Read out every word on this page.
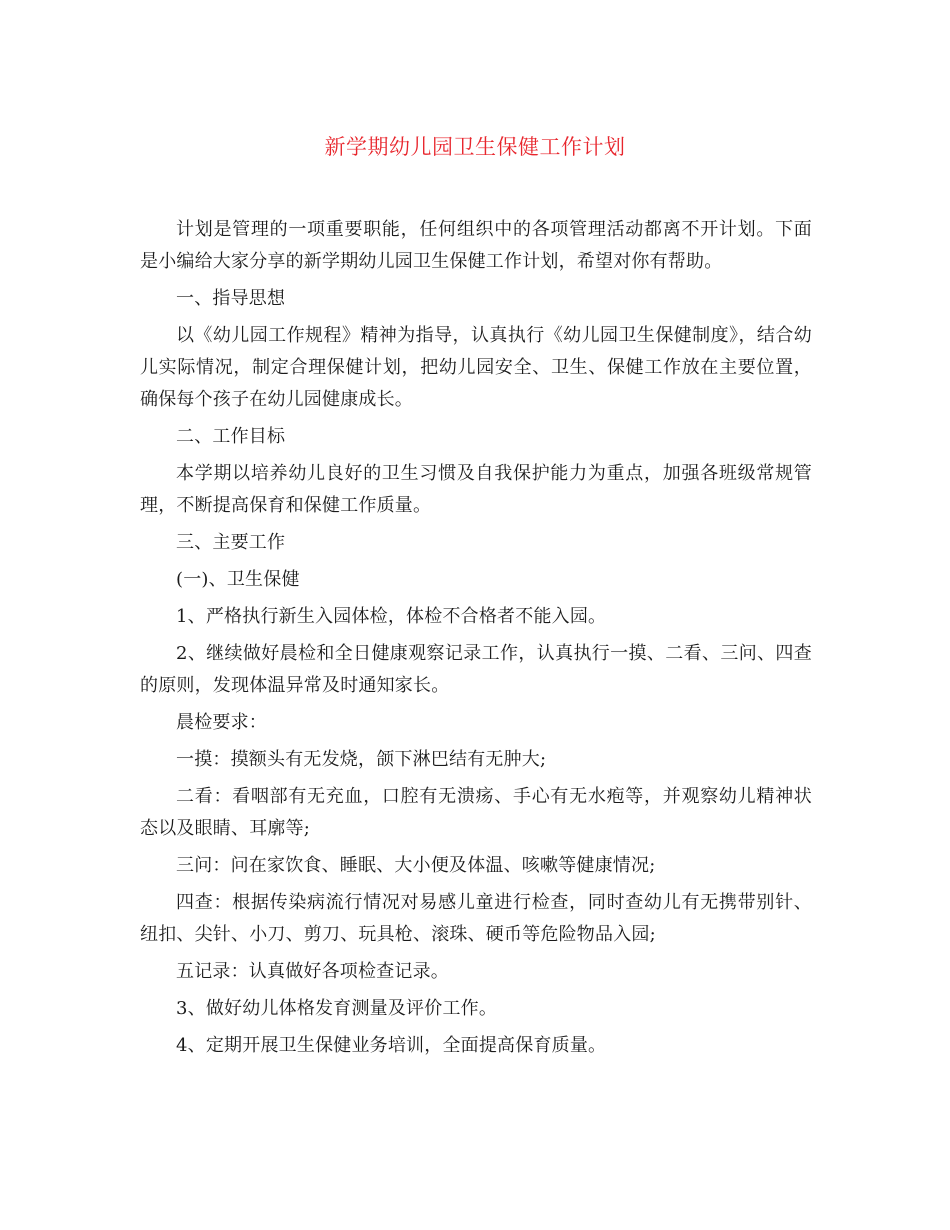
新学期幼儿园卫生保健工作计划

计划是管理的一项重要职能，任何组织中的各项管理活动都离不开计划。下面是小编给大家分享的新学期幼儿园卫生保健工作计划，希望对你有帮助。

一、指导思想

以《幼儿园工作规程》精神为指导，认真执行《幼儿园卫生保健制度》，结合幼儿实际情况，制定合理保健计划，把幼儿园安全、卫生、保健工作放在主要位置，确保每个孩子在幼儿园健康成长。

二、工作目标

本学期以培养幼儿良好的卫生习惯及自我保护能力为重点，加强各班级常规管理，不断提高保育和保健工作质量。

三、主要工作

(一)、卫生保健

1、严格执行新生入园体检，体检不合格者不能入园。

2、继续做好晨检和全日健康观察记录工作，认真执行一摸、二看、三问、四查的原则，发现体温异常及时通知家长。

晨检要求：

一摸：摸额头有无发烧，颌下淋巴结有无肿大;

二看：看咽部有无充血，口腔有无溃疡、手心有无水疱等，并观察幼儿精神状态以及眼睛、耳廓等;

三问：问在家饮食、睡眠、大小便及体温、咳嗽等健康情况;

四查：根据传染病流行情况对易感儿童进行检查，同时查幼儿有无携带别针、纽扣、尖针、小刀、剪刀、玩具枪、滚珠、硬币等危险物品入园;

五记录：认真做好各项检查记录。

3、做好幼儿体格发育测量及评价工作。

4、定期开展卫生保健业务培训，全面提高保育质量。
